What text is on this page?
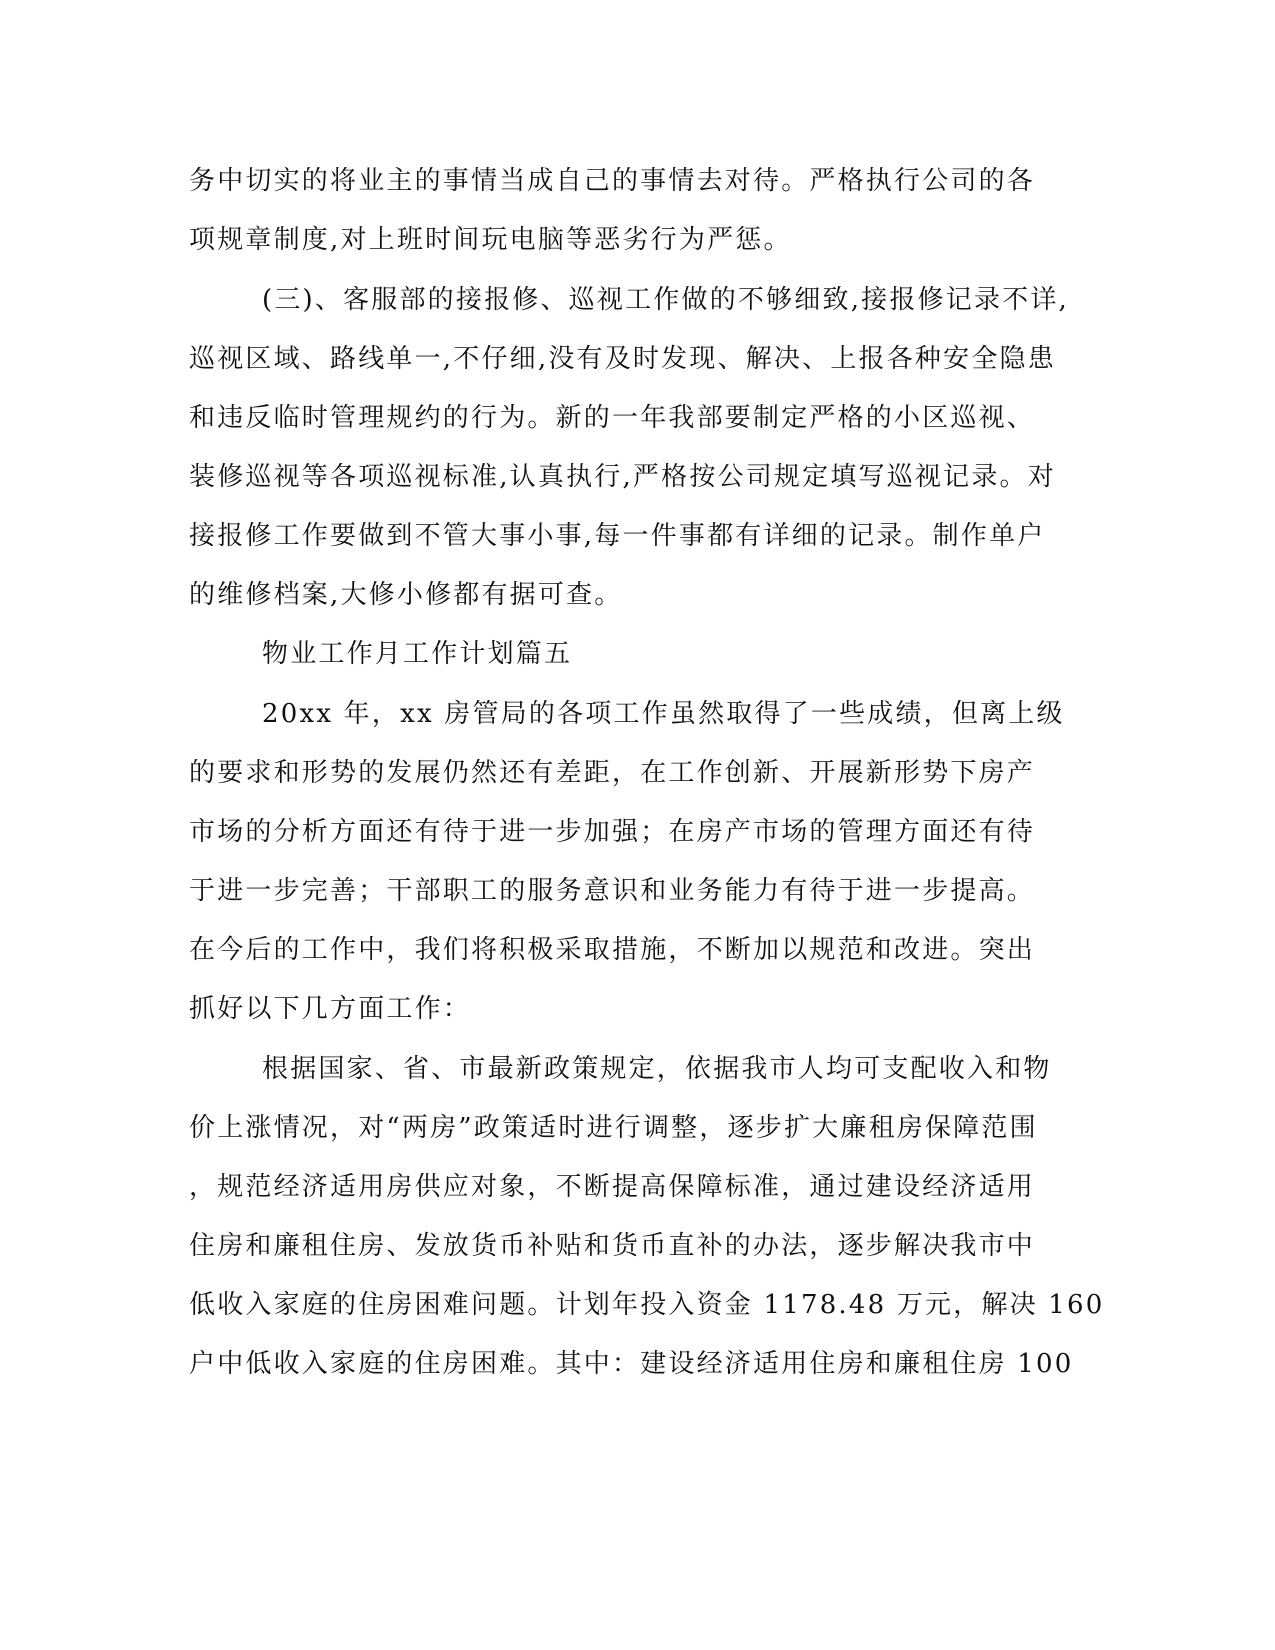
务中切实的将业主的事情当成自己的事情去对待。严格执行公司的各
项规章制度,对上班时间玩电脑等恶劣行为严惩。
(三)、客服部的接报修、巡视工作做的不够细致,接报修记录不详,
巡视区域、路线单一,不仔细,没有及时发现、解决、上报各种安全隐患
和违反临时管理规约的行为。新的一年我部要制定严格的小区巡视、
装修巡视等各项巡视标准,认真执行,严格按公司规定填写巡视记录。对
接报修工作要做到不管大事小事,每一件事都有详细的记录。制作单户
的维修档案,大修小修都有据可查。
物业工作月工作计划篇五
20xx 年，xx 房管局的各项工作虽然取得了一些成绩，但离上级
的要求和形势的发展仍然还有差距，在工作创新、开展新形势下房产
市场的分析方面还有待于进一步加强；在房产市场的管理方面还有待
于进一步完善；干部职工的服务意识和业务能力有待于进一步提高。
在今后的工作中，我们将积极采取措施，不断加以规范和改进。突出
抓好以下几方面工作：
根据国家、省、市最新政策规定，依据我市人均可支配收入和物
价上涨情况，对“两房”政策适时进行调整，逐步扩大廉租房保障范围
，规范经济适用房供应对象，不断提高保障标准，通过建设经济适用
住房和廉租住房、发放货币补贴和货币直补的办法，逐步解决我市中
低收入家庭的住房困难问题。计划年投入资金 1178.48 万元，解决 160
户中低收入家庭的住房困难。其中：建设经济适用住房和廉租住房 100
